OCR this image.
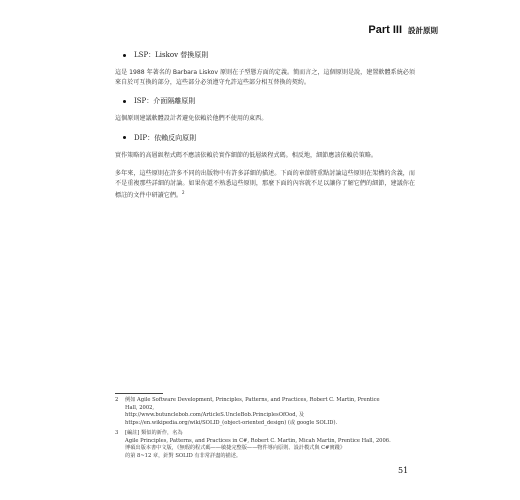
Part III 設計原則
LSP：Liskov 替換原則

這是 1988 年著名的 Barbara Liskov 原則在子型態方面的定義。簡而言之，這個原則是說，建置軟體系統必須來自於可互換的部分，這些部分必須遵守允許這些部分相互替換的契約。

ISP：介面隔離原則

這個原則建議軟體設計者避免依賴於他們不使用的東西。

DIP：依賴反向原則

實作策略的高層級程式碼不應該依賴於實作細節的低層級程式碼。相反地，細節應該依賴於策略。

多年來，這些原則在許多不同的出版物中有許多詳細的描述。下面的章節將重點討論這些原則在架構的含義，而不是重複那些詳細的討論。如果你還不熟悉這些原則，那麼下面的內容就不足以讓你了解它們的細節，建議你在標註的文件中研讀它們。$^2$

2	例如 Agile Software Development, Principles, Patterns, and Practices, Robert C. Martin, Prentice
Hall, 2002,
http://www.butunclebob.com/ArticleS.UncleBob.PrinciplesOfOod, 及
https://en.wikipedia.org/wiki/SOLID_(object-oriented_design) (或 google SOLID).
3	[編註] 類似的新作，名為
Agile Principles, Patterns, and Practices in C#, Robert C. Martin, Micah Martin, Prentice Hall, 2006.
博碩出版本書中文版，《無瑕的程式碼——敏捷完整版——物件導向原則、設計模式與 C#實踐》
的第 8~12 章，針對 SOLID 有非常詳盡的描述。
51
